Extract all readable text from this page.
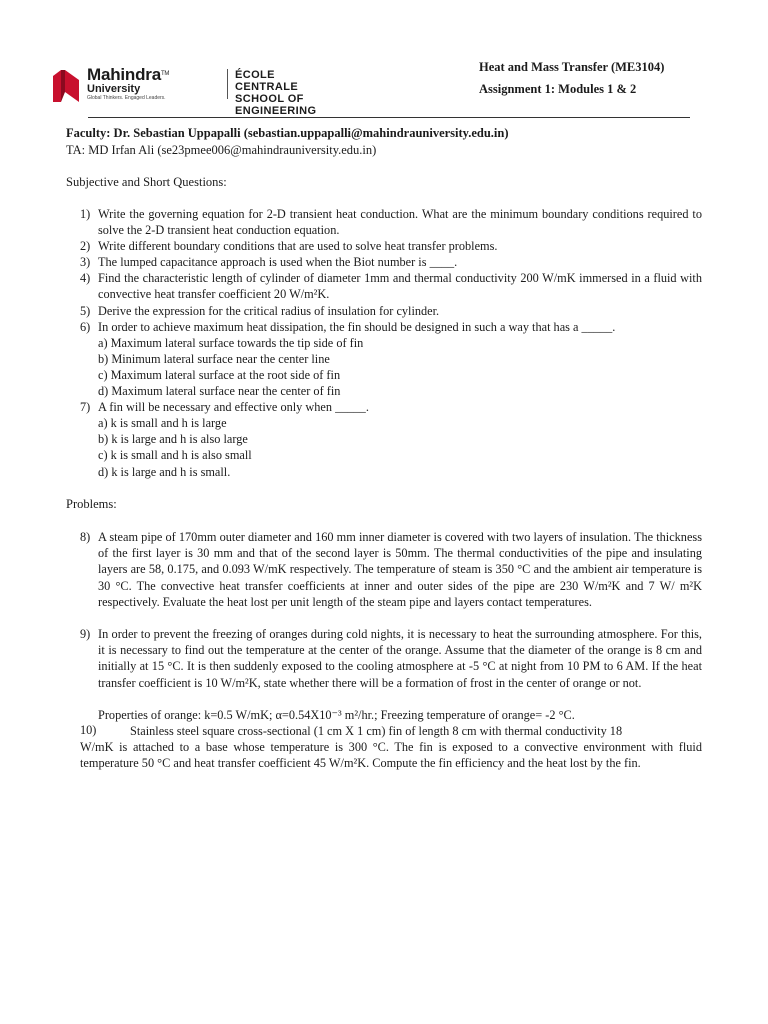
Mahindra™
University
Global Thinkers. Engaged Leaders.
ÉCOLE CENTRALE
SCHOOL OF ENGINEERING
Heat and Mass Transfer (ME3104)
Assignment 1: Modules 1 & 2
Faculty: Dr. Sebastian Uppapalli (sebastian.uppapalli@mahindrauniversity.edu.in)
TA: MD Irfan Ali (se23pmee006@mahindrauniversity.edu.in)
Subjective and Short Questions:
1) Write the governing equation for 2-D transient heat conduction. What are the minimum boundary conditions required to solve the 2-D transient heat conduction equation.
2) Write different boundary conditions that are used to solve heat transfer problems.
3) The lumped capacitance approach is used when the Biot number is ____.
4) Find the characteristic length of cylinder of diameter 1mm and thermal conductivity 200 W/mK immersed in a fluid with convective heat transfer coefficient 20 W/m²K.
5) Derive the expression for the critical radius of insulation for cylinder.
6) In order to achieve maximum heat dissipation, the fin should be designed in such a way that has a _____.
a) Maximum lateral surface towards the tip side of fin
b) Minimum lateral surface near the center line
c) Maximum lateral surface at the root side of fin
d) Maximum lateral surface near the center of fin
7) A fin will be necessary and effective only when _____.
a) k is small and h is large
b) k is large and h is also large
c) k is small and h is also small
d) k is large and h is small.
Problems:
8) A steam pipe of 170mm outer diameter and 160 mm inner diameter is covered with two layers of insulation. The thickness of the first layer is 30 mm and that of the second layer is 50mm. The thermal conductivities of the pipe and insulating layers are 58, 0.175, and 0.093 W/mK respectively. The temperature of steam is 350 °C and the ambient air temperature is 30 °C. The convective heat transfer coefficients at inner and outer sides of the pipe are 230 W/m²K and 7 W/ m²K respectively. Evaluate the heat lost per unit length of the steam pipe and layers contact temperatures.
9) In order to prevent the freezing of oranges during cold nights, it is necessary to heat the surrounding atmosphere. For this, it is necessary to find out the temperature at the center of the orange. Assume that the diameter of the orange is 8 cm and initially at 15 °C. It is then suddenly exposed to the cooling atmosphere at -5 °C at night from 10 PM to 6 AM. If the heat transfer coefficient is 10 W/m²K, state whether there will be a formation of frost in the center of orange or not.
Properties of orange: k=0.5 W/mK; α=0.54X10⁻³ m²/hr.; Freezing temperature of orange= -2 °C.
10)	Stainless steel square cross-sectional (1 cm X 1 cm) fin of length 8 cm with thermal conductivity 18
W/mK is attached to a base whose temperature is 300 °C. The fin is exposed to a convective environment with fluid temperature 50 °C and heat transfer coefficient 45 W/m²K. Compute the fin efficiency and the heat lost by the fin.
